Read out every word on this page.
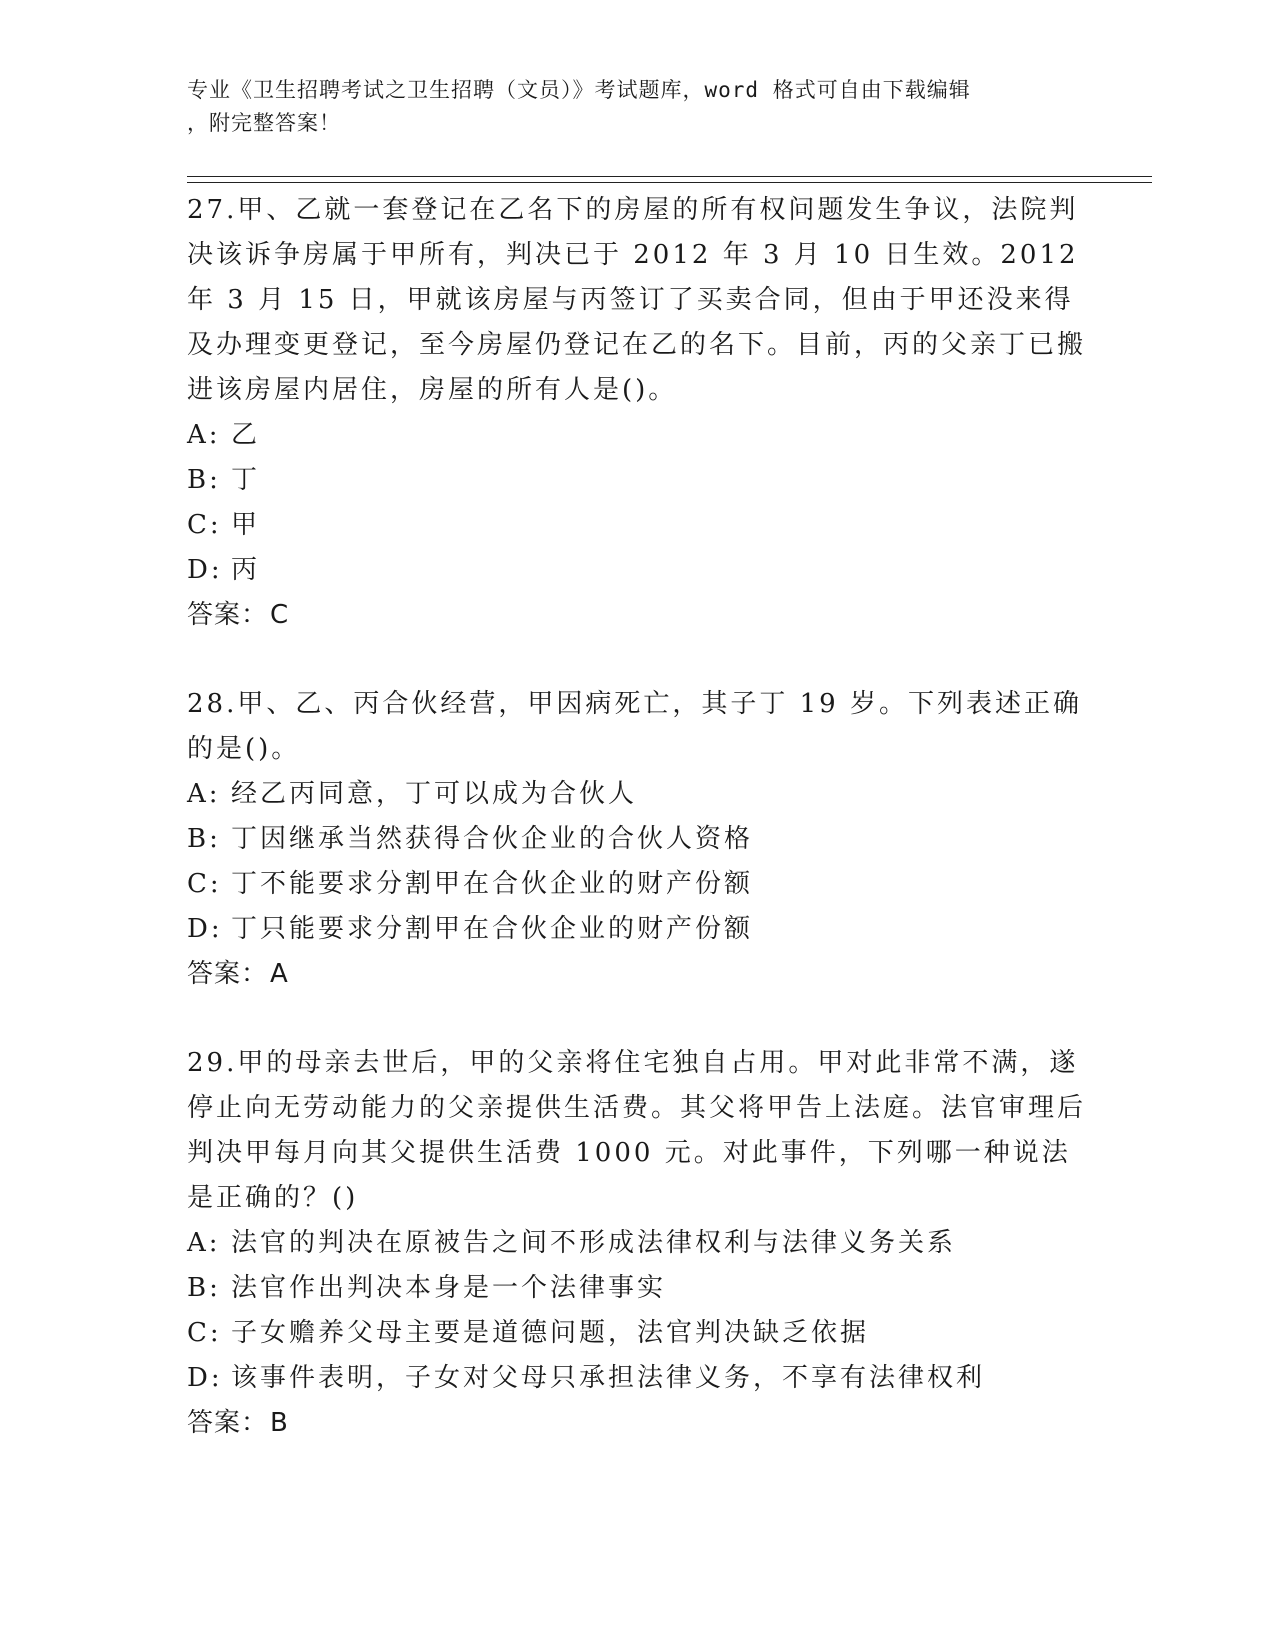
专业《卫生招聘考试之卫生招聘（文员）》考试题库，word 格式可自由下载编辑
，附完整答案！

27.甲、乙就一套登记在乙名下的房屋的所有权问题发生争议，法院判决该诉争房属于甲所有，判决已于 2012 年 3 月 10 日生效。2012 年 3 月 15 日，甲就该房屋与丙签订了买卖合同，但由于甲还没来得及办理变更登记，至今房屋仍登记在乙的名下。目前，丙的父亲丁已搬进该房屋内居住，房屋的所有人是()。

A: 乙

B: 丁

C: 甲

D: 丙

答案：C

28.甲、乙、丙合伙经营，甲因病死亡，其子丁 19 岁。下列表述正确的是()。

A: 经乙丙同意，丁可以成为合伙人

B: 丁因继承当然获得合伙企业的合伙人资格

C: 丁不能要求分割甲在合伙企业的财产份额

D: 丁只能要求分割甲在合伙企业的财产份额

答案：A

29.甲的母亲去世后，甲的父亲将住宅独自占用。甲对此非常不满，遂停止向无劳动能力的父亲提供生活费。其父将甲告上法庭。法官审理后判决甲每月向其父提供生活费 1000 元。对此事件，下列哪一种说法是正确的？()

A: 法官的判决在原被告之间不形成法律权利与法律义务关系

B: 法官作出判决本身是一个法律事实

C: 子女赡养父母主要是道德问题，法官判决缺乏依据

D: 该事件表明，子女对父母只承担法律义务，不享有法律权利

答案：B
